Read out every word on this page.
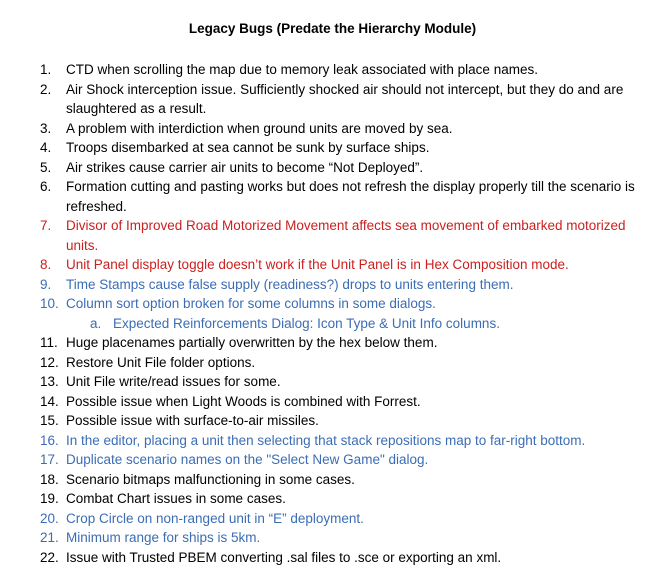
Legacy Bugs (Predate the Hierarchy Module)
1.	CTD when scrolling the map due to memory leak associated with place names.
2.	Air Shock interception issue. Sufficiently shocked air should not intercept, but they do and are slaughtered as a result.
3.	A problem with interdiction when ground units are moved by sea.
4.	Troops disembarked at sea cannot be sunk by surface ships.
5.	Air strikes cause carrier air units to become “Not Deployed”.
6.	Formation cutting and pasting works but does not refresh the display properly till the scenario is refreshed.
7.	Divisor of Improved Road Motorized Movement affects sea movement of embarked motorized units.
8.	Unit Panel display toggle doesn’t work if the Unit Panel is in Hex Composition mode.
9.	Time Stamps cause false supply (readiness?) drops to units entering them.
10. Column sort option broken for some columns in some dialogs.
a. Expected Reinforcements Dialog: Icon Type & Unit Info columns.
11. Huge placenames partially overwritten by the hex below them.
12. Restore Unit File folder options.
13. Unit File write/read issues for some.
14. Possible issue when Light Woods is combined with Forrest.
15. Possible issue with surface-to-air missiles.
16. In the editor, placing a unit then selecting that stack repositions map to far-right bottom.
17. Duplicate scenario names on the "Select New Game" dialog.
18. Scenario bitmaps malfunctioning in some cases.
19. Combat Chart issues in some cases.
20. Crop Circle on non-ranged unit in “E” deployment.
21. Minimum range for ships is 5km.
22. Issue with Trusted PBEM converting .sal files to .sce or exporting an xml.
